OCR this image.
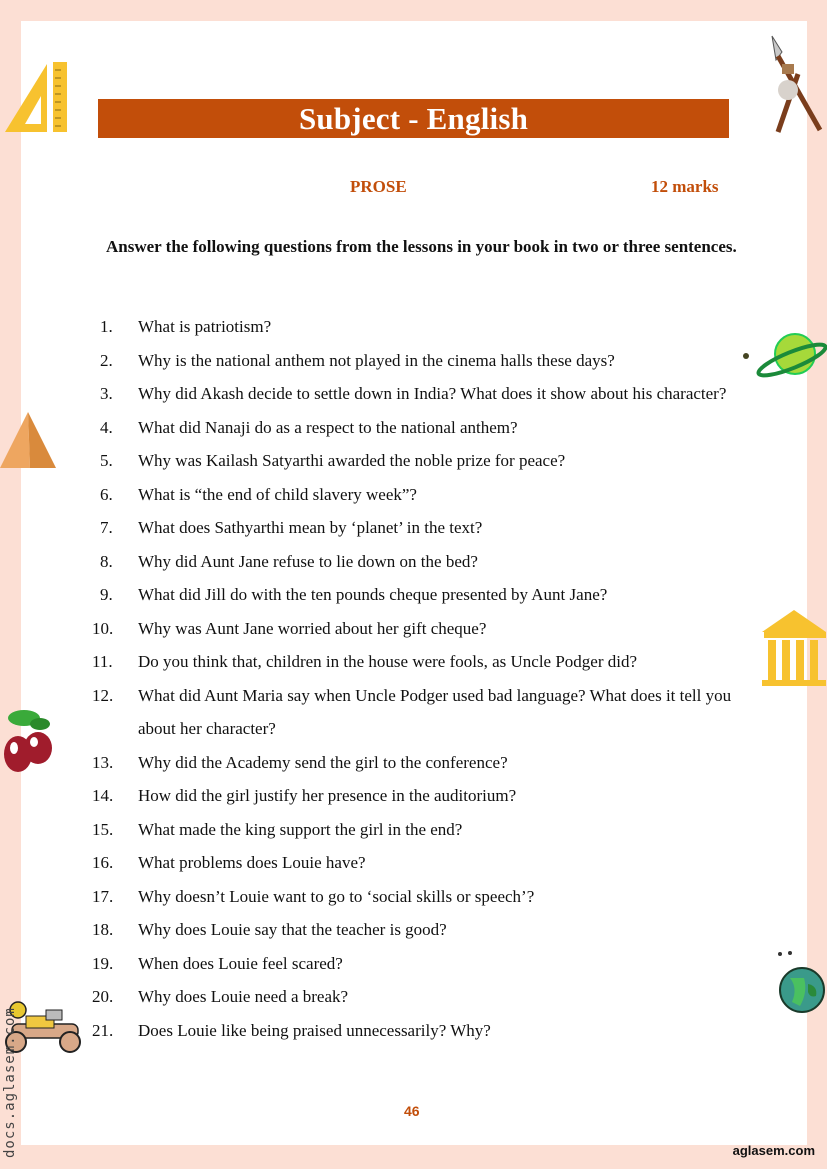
Subject - English
PROSE	12 marks
Answer the following questions from the lessons in your book in two or three sentences.
1.	What is patriotism?
2.	Why is the national anthem not played in the cinema halls these days?
3.	Why did Akash decide to settle down in India? What does it show about his character?
4.	What did Nanaji do as a respect to the national anthem?
5.	Why was Kailash Satyarthi awarded the noble prize for peace?
6.	What is “the end of child slavery week”?
7.	What does Sathyarthi mean by ‘planet’ in the text?
8.	Why did Aunt Jane refuse to lie down on the bed?
9.	What did Jill do with the ten pounds cheque presented by Aunt Jane?
10.	Why was Aunt Jane worried about her gift cheque?
11.	Do you think that, children in the house were fools, as Uncle Podger did?
12.	What did Aunt Maria say when Uncle Podger used bad language? What does it tell you about her character?
13.	Why did the Academy send the girl to the conference?
14.	How did the girl justify her presence in the auditorium?
15.	What made the king support the girl in the end?
16.	What problems does Louie have?
17.	Why doesn’t Louie want to go to ‘social skills or speech’?
18.	Why does Louie say that the teacher is good?
19.	When does Louie feel scared?
20.	Why does Louie need a break?
21.	Does Louie like being praised unnecessarily? Why?
46
aglasem.com
docs.aglasem.com
